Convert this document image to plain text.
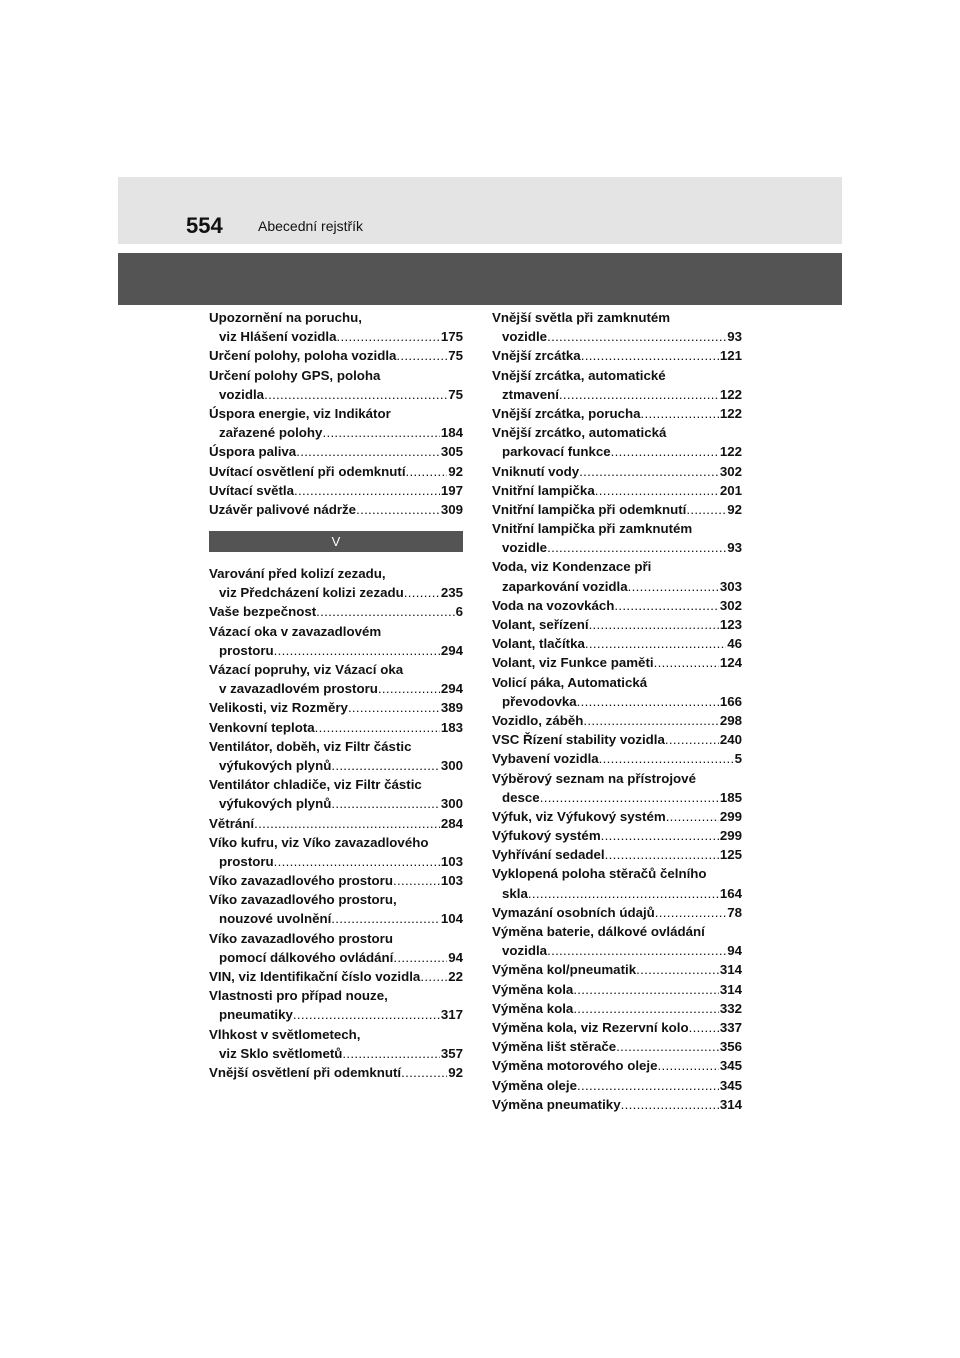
554	Abecední rejstřík
Upozornění na poruchu,
viz Hlášení vozidla .....	175
Určení polohy, poloha vozidla .....	75
Určení polohy GPS, poloha
vozidla .....	75
Úspora energie, viz Indikátor
zařazené polohy .....	184
Úspora paliva .....	305
Uvítací osvětlení při odemknutí .....	92
Uvítací světla .....	197
Uzávěr palivové nádrže .....	309
V
Varování před kolizí zezadu,
viz Předcházení kolizi zezadu .....	235
Vaše bezpečnost .....	6
Vázací oka v zavazadlovém
prostoru .....	294
Vázací popruhy, viz Vázací oka
v zavazadlovém prostoru .....	294
Velikosti, viz Rozměry .....	389
Venkovní teplota .....	183
Ventilátor, doběh, viz Filtr částic
výfukových plynů .....	300
Ventilátor chladiče, viz Filtr částic
výfukových plynů .....	300
Větrání .....	284
Víko kufru, viz Víko zavazadlového
prostoru .....	103
Víko zavazadlového prostoru .....	103
Víko zavazadlového prostoru,
nouzové uvolnění .....	104
Víko zavazadlového prostoru
pomocí dálkového ovládání .....	94
VIN, viz Identifikační číslo vozidla ..... 22
Vlastnosti pro případ nouze,
pneumatiky .....	317
Vlhkost v světlometech,
viz Sklo světlometů .....	357
Vnější osvětlení při odemknutí .....	92
Vnější světla při zamknutém
vozidle .....	93
Vnější zrcátka .....	121
Vnější zrcátka, automatické
ztmavení .....	122
Vnější zrcátka, porucha .....	122
Vnější zrcátko, automatická
parkovací funkce .....	122
Vniknutí vody .....	302
Vnitřní lampička .....	201
Vnitřní lampička při odemknutí .....	92
Vnitřní lampička při zamknutém
vozidle .....	93
Voda, viz Kondenzace při
zaparkování vozidla .....	303
Voda na vozovkách .....	302
Volant, seřízení .....	123
Volant, tlačítka .....	46
Volant, viz Funkce paměti .....	124
Volicí páka, Automatická
převodovka .....	166
Vozidlo, záběh .....	298
VSC Řízení stability vozidla .....	240
Vybavení vozidla .....	5
Výběrový seznam na přístrojové
desce .....	185
Výfuk, viz Výfukový systém .....	299
Výfukový systém .....	299
Vyhřívání sedadel .....	125
Vyklopená poloha stěračů čelního
skla .....	164
Vymazání osobních údajů .....	78
Výměna baterie, dálkové ovládání
vozidla .....	94
Výměna kol/pneumatik .....	314
Výměna kola .....	314
Výměna kola .....	332
Výměna kola, viz Rezervní kolo ..... 337
Výměna lišt stěrače .....	356
Výměna motorového oleje .....	345
Výměna oleje .....	345
Výměna pneumatiky .....	314
